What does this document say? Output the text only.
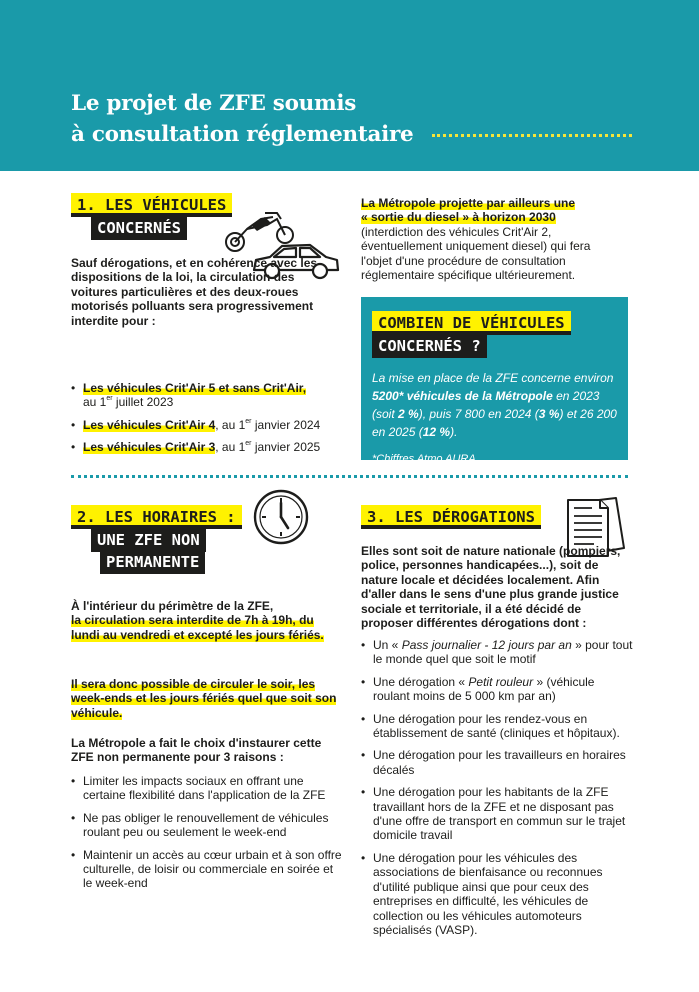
Le projet de ZFE soumis
à consultation réglementaire
1. LES VÉHICULES
CONCERNÉS
Sauf dérogations, et en cohérence avec les dispositions de la loi, la circulation des voitures particulières et des deux-roues motorisés polluants sera progressivement interdite pour :
• Les véhicules Crit'Air 5 et sans Crit'Air,
au 1er juillet 2023
• Les véhicules Crit'Air 4, au 1er janvier 2024
• Les véhicules Crit'Air 3, au 1er janvier 2025
La Métropole projette par ailleurs une
« sortie du diesel » à horizon 2030
(interdiction des véhicules Crit'Air 2, éventuellement uniquement diesel) qui fera l'objet d'une procédure de consultation réglementaire spécifique ultérieurement.
COMBIEN DE VÉHICULES
CONCERNÉS ?
La mise en place de la ZFE concerne environ 5200* véhicules de la Métropole en 2023 (soit 2 %), puis 7 800 en 2024 (3 %) et 26 200 en 2025 (12 %).
*Chiffres Atmo AURA
2. LES HORAIRES :
UNE ZFE NON
PERMANENTE
À l'intérieur du périmètre de la ZFE,
la circulation sera interdite de 7h à 19h, du lundi au vendredi et excepté les jours fériés.
Il sera donc possible de circuler le soir, les week-ends et les jours fériés quel que soit son véhicule.
La Métropole a fait le choix d'instaurer cette ZFE non permanente pour 3 raisons :
• Limiter les impacts sociaux en offrant une certaine flexibilité dans l'application de la ZFE
• Ne pas obliger le renouvellement de véhicules roulant peu ou seulement le week-end
• Maintenir un accès au cœur urbain et à son offre culturelle, de loisir ou commerciale en soirée et le week-end
3. LES DÉROGATIONS
Elles sont soit de nature nationale (pompiers, police, personnes handicapées...), soit de nature locale et décidées localement. Afin d'aller dans le sens d'une plus grande justice sociale et territoriale, il a été décidé de proposer différentes dérogations dont :
• Un « Pass journalier - 12 jours par an » pour tout le monde quel que soit le motif
• Une dérogation « Petit rouleur » (véhicule roulant moins de 5 000 km par an)
• Une dérogation pour les rendez-vous en établissement de santé (cliniques et hôpitaux).
• Une dérogation pour les travailleurs en horaires décalés
• Une dérogation pour les habitants de la ZFE travaillant hors de la ZFE et ne disposant pas d'une offre de transport en commun sur le trajet domicile travail
• Une dérogation pour les véhicules des associations de bienfaisance ou reconnues d'utilité publique ainsi que pour ceux des entreprises en difficulté, les véhicules de collection ou les véhicules automoteurs spécialisés (VASP).
